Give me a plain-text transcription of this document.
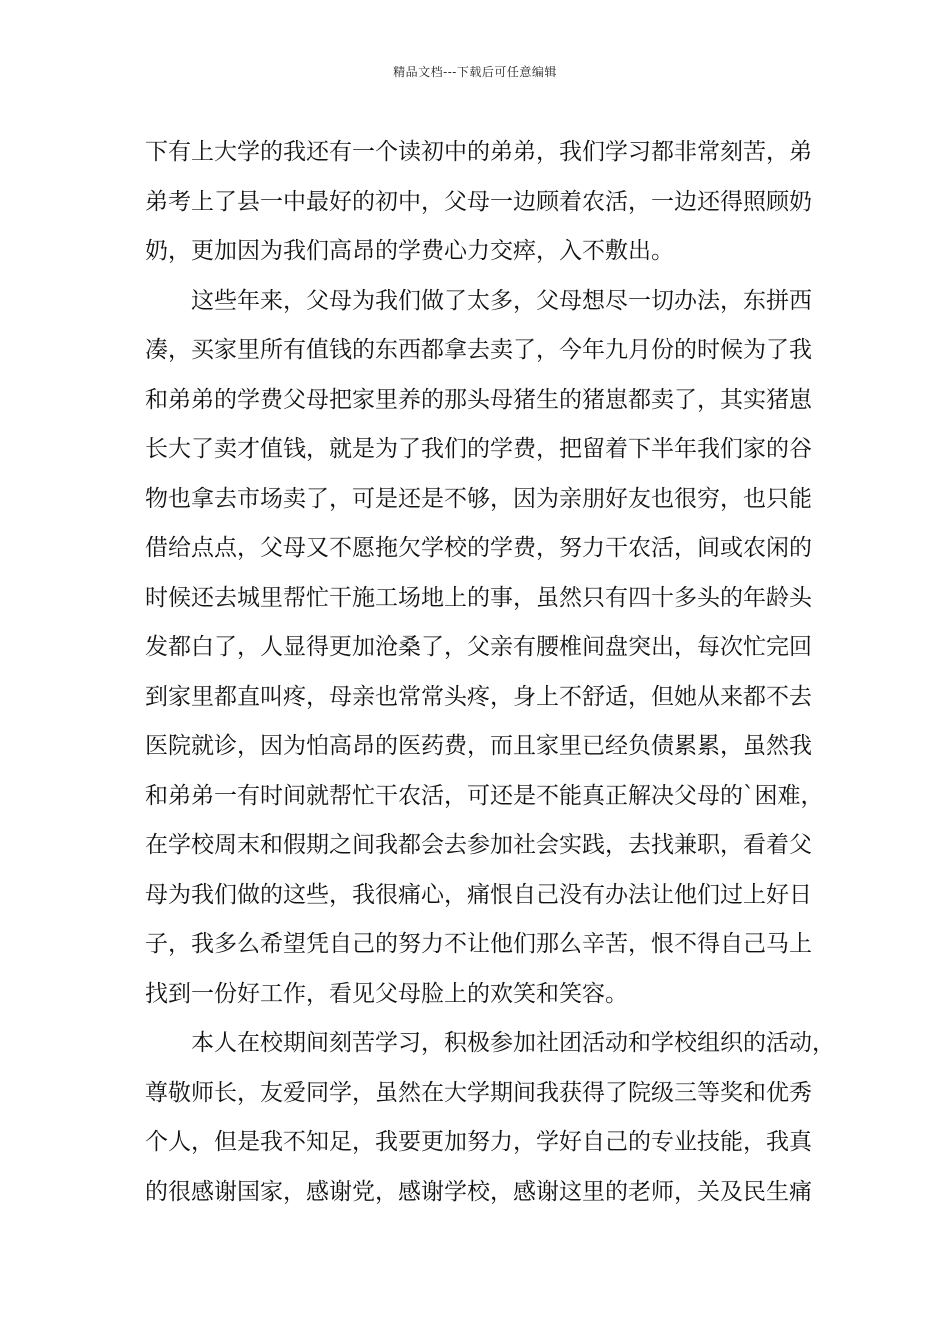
精品文档---下载后可任意编辑
下有上大学的我还有一个读初中的弟弟，我们学习都非常刻苦，弟
弟考上了县一中最好的初中，父母一边顾着农活，一边还得照顾奶
奶，更加因为我们高昂的学费心力交瘁，入不敷出。
这些年来，父母为我们做了太多，父母想尽一切办法，东拼西
凑，买家里所有值钱的东西都拿去卖了，今年九月份的时候为了我
和弟弟的学费父母把家里养的那头母猪生的猪崽都卖了，其实猪崽
长大了卖才值钱，就是为了我们的学费，把留着下半年我们家的谷
物也拿去市场卖了，可是还是不够，因为亲朋好友也很穷，也只能
借给点点，父母又不愿拖欠学校的学费，努力干农活，间或农闲的
时候还去城里帮忙干施工场地上的事，虽然只有四十多头的年龄头
发都白了，人显得更加沧桑了，父亲有腰椎间盘突出，每次忙完回
到家里都直叫疼，母亲也常常头疼，身上不舒适，但她从来都不去
医院就诊，因为怕高昂的医药费，而且家里已经负债累累，虽然我
和弟弟一有时间就帮忙干农活，可还是不能真正解决父母的`困难，
在学校周末和假期之间我都会去参加社会实践，去找兼职，看着父
母为我们做的这些，我很痛心，痛恨自己没有办法让他们过上好日
子，我多么希望凭自己的努力不让他们那么辛苦，恨不得自己马上
找到一份好工作，看见父母脸上的欢笑和笑容。
本人在校期间刻苦学习，积极参加社团活动和学校组织的活动，
尊敬师长，友爱同学，虽然在大学期间我获得了院级三等奖和优秀
个人，但是我不知足，我要更加努力，学好自己的专业技能，我真
的很感谢国家，感谢党，感谢学校，感谢这里的老师，关及民生痛
